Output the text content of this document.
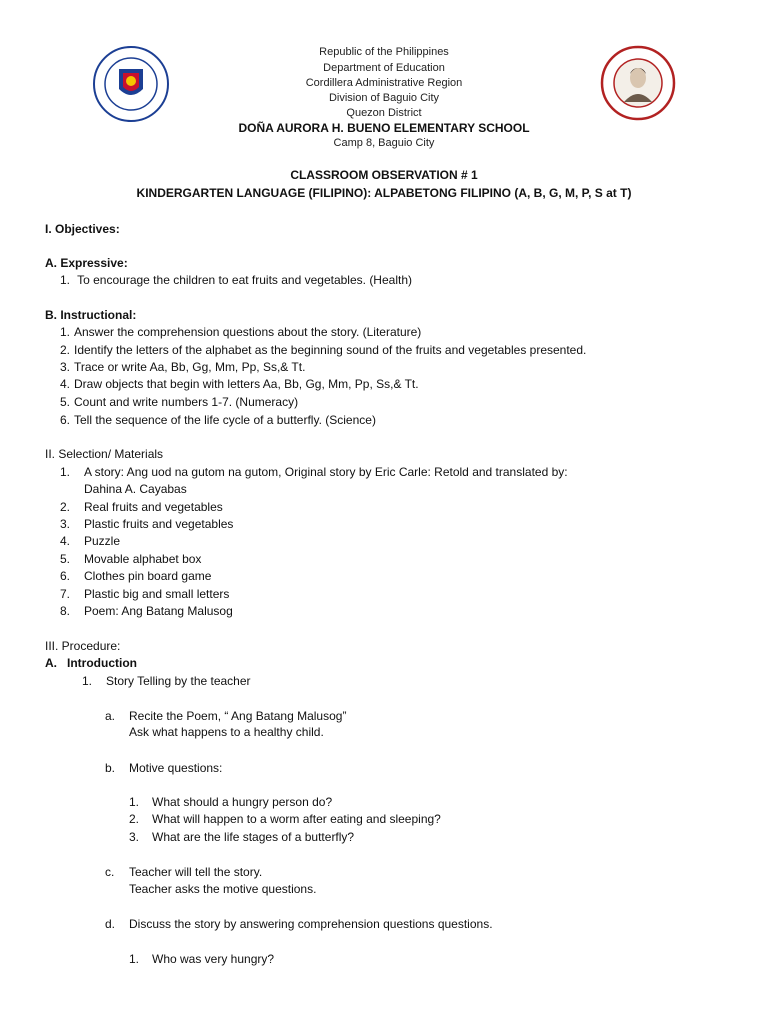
Republic of the Philippines
Department of Education
Cordillera Administrative Region
Division of Baguio City
Quezon District
DOÑA AURORA H. BUENO ELEMENTARY SCHOOL
Camp 8, Baguio City
CLASSROOM OBSERVATION # 1
KINDERGARTEN LANGUAGE (FILIPINO): ALPABETONG FILIPINO (A, B, G, M, P, S at T)
I. Objectives:
A. Expressive:
1. To encourage the children to eat fruits and vegetables. (Health)
B. Instructional:
1. Answer the comprehension questions about the story. (Literature)
2. Identify the letters of the alphabet as the beginning sound of the fruits and vegetables presented.
3. Trace or write Aa, Bb, Gg, Mm, Pp, Ss,& Tt.
4. Draw objects that begin with letters Aa, Bb, Gg, Mm, Pp, Ss,& Tt.
5. Count and write numbers 1-7. (Numeracy)
6. Tell the sequence of the life cycle of a butterfly. (Science)
II. Selection/ Materials
1. A story: Ang uod na gutom na gutom, Original story by Eric Carle: Retold and translated by:
Dahina A. Cayabas
2. Real fruits and vegetables
3. Plastic fruits and vegetables
4. Puzzle
5. Movable alphabet box
6. Clothes pin board game
7. Plastic big and small letters
8. Poem: Ang Batang Malusog
III. Procedure:
A. Introduction
1. Story Telling by the teacher
a. Recite the Poem, “ Ang Batang Malusog”
Ask what happens to a healthy child.
b. Motive questions:
1. What should a hungry person do?
2. What will happen to a worm after eating and sleeping?
3. What are the life stages of a butterfly?
c. Teacher will tell the story.
Teacher asks the motive questions.
d. Discuss the story by answering comprehension questions questions.
1. Who was very hungry?
